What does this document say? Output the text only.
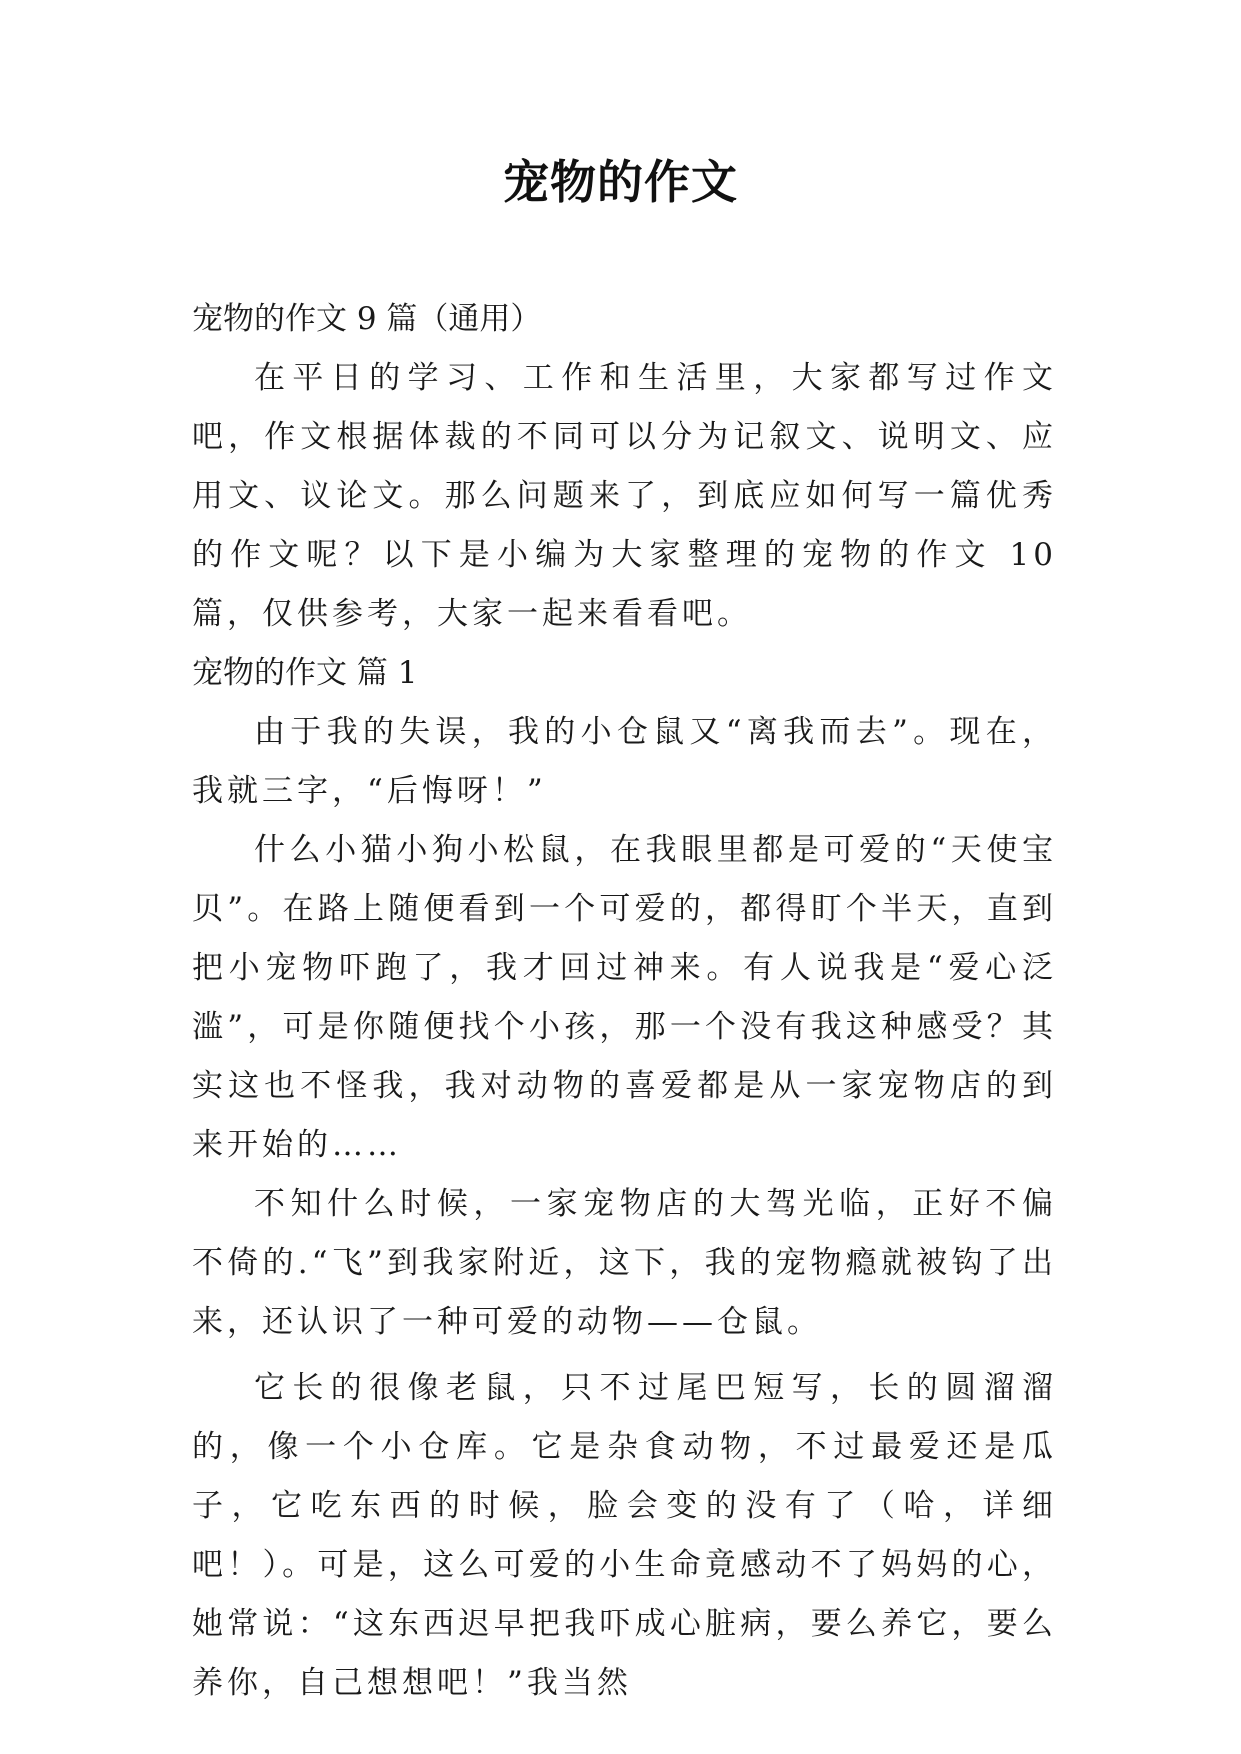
宠物的作文

宠物的作文 9 篇（通用）

在平日的学习、工作和生活里，大家都写过作文吧，作文根据体裁的不同可以分为记叙文、说明文、应用文、议论文。那么问题来了，到底应如何写一篇优秀的作文呢？以下是小编为大家整理的宠物的作文 10 篇，仅供参考，大家一起来看看吧。

宠物的作文 篇 1

由于我的失误，我的小仓鼠又“离我而去”。现在，我就三字，“后悔呀！”

什么小猫小狗小松鼠，在我眼里都是可爱的“天使宝贝”。在路上随便看到一个可爱的，都得盯个半天，直到把小宠物吓跑了，我才回过神来。有人说我是“爱心泛滥”，可是你随便找个小孩，那一个没有我这种感受？其实这也不怪我，我对动物的喜爱都是从一家宠物店的到来开始的……

不知什么时候，一家宠物店的大驾光临，正好不偏不倚的.“飞”到我家附近，这下，我的宠物瘾就被钩了出来，还认识了一种可爱的动物——仓鼠。

它长的很像老鼠，只不过尾巴短写，长的圆溜溜的，像一个小仓库。它是杂食动物，不过最爱还是瓜子，它吃东西的时候，脸会变的没有了（哈，详细吧！）。可是，这么可爱的小生命竟感动不了妈妈的心，她常说：“这东西迟早把我吓成心脏病，要么养它，要么养你，自己想想吧！”我当然
